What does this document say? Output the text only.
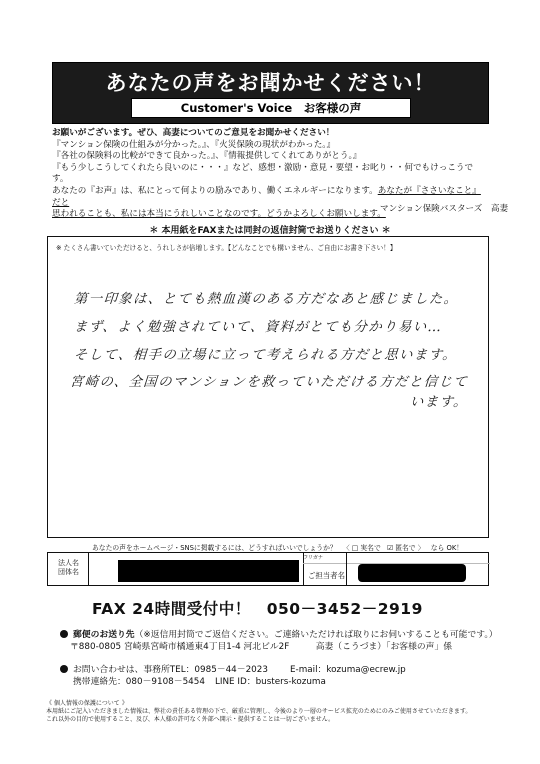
あなたの声をお聞かせください！
Customer's Voice　お客様の声
お願いがございます。ぜひ、高妻についてのご意見をお聞かせください！
『マンション保険の仕組みが分かった。』、『火災保険の現状がわかった。』
『各社の保険料の比較ができて良かった。』、『情報提供してくれてありがとう。』
『もう少しこうしてくれたら良いのに・・・』など、感想・激励・意見・要望・お叱り・・何でもけっこうです。
あなたの『お声』は、私にとって何よりの励みであり、働くエネルギーになります。あなたが『ささいなこと』だと
思われることも、私には本当にうれしいことなのです。どうかよろしくお願いします。
マンション保険バスターズ　高妻
＊ 本用紙をFAXまたは同封の返信封筒でお送りください ＊
※ たくさん書いていただけると、うれしさが倍増します。【どんなことでも構いません、ご自由にお書き下さい！】
第一印象は、とても熱血漢のある方だなあと感じました。
まず、よく勉強されていて、資料がとても分かり易い…
そして、相手の立場に立って考えられる方だと思います。
宮崎の、全国のマンションを救っていただける方だと信じて
います。
あなたの声をホームページ・SNSに掲載するには、どうすればいいでしょうか？ 〈 □ 実名で ☑ 匿名で 〉 なら OK！
法人名
団体名
フリガナ
ご担当者名
FAX 24時間受付中！　050－3452－2919
郵便のお送り先（※返信用封筒でご返信ください。ご連絡いただければ取りにお伺いすることも可能です。）
〒880-0805 宮崎県宮崎市橘通東4丁目1-4 河北ビル2F　　　高妻（こうづま）「お客様の声」係
お問い合わせは、事務所TEL：0985－44－2023	E-mail：kozuma@ecrew.jp
携帯連絡先：080－9108－5454 LINE ID：busters-kozuma
《 個人情報の保護について 》
本用紙にご記入いただきました情報は、弊社の責任ある管理の下で、厳重に管理し、今後のより一層のサービス拡充のためにのみご使用させていただきます。
これ以外の目的で使用すること、及び、本人様の許可なく外部へ開示・提供することは一切ございません。
